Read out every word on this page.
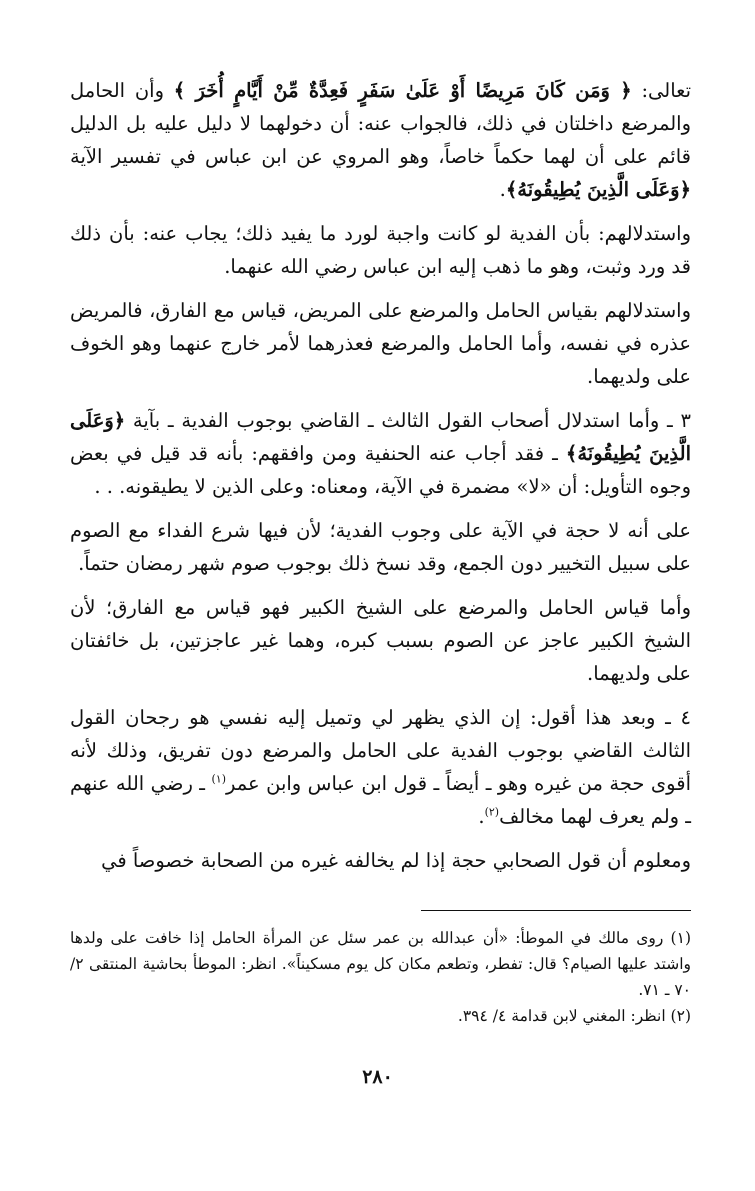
تعالى: ﴿ وَمَن كَانَ مَرِيضًا أَوْ عَلَىٰ سَفَرٍ فَعِدَّةٌ مِّنْ أَيَّامٍ أُخَرَ ﴾ وأن الحامل والمرضع داخلتان في ذلك، فالجواب عنه: أن دخولهما لا دليل عليه بل الدليل قائم على أن لهما حكماً خاصاً، وهو المروي عن ابن عباس في تفسير الآية ﴿وَعَلَى الَّذِينَ يُطِيقُونَهُ﴾.

واستدلالهم: بأن الفدية لو كانت واجبة لورد ما يفيد ذلك؛ يجاب عنه: بأن ذلك قد ورد وثبت، وهو ما ذهب إليه ابن عباس رضي الله عنهما.

واستدلالهم بقياس الحامل والمرضع على المريض، قياس مع الفارق، فالمريض عذره في نفسه، وأما الحامل والمرضع فعذرهما لأمر خارج عنهما وهو الخوف على ولديهما.

٣ ـ وأما استدلال أصحاب القول الثالث ـ القاضي بوجوب الفدية ـ بآية ﴿وَعَلَى الَّذِينَ يُطِيقُونَهُ﴾ ـ فقد أجاب عنه الحنفية ومن وافقهم: بأنه قد قيل في بعض وجوه التأويل: أن «لا» مضمرة في الآية، ومعناه: وعلى الذين لا يطيقونه. . .

على أنه لا حجة في الآية على وجوب الفدية؛ لأن فيها شرع الفداء مع الصوم على سبيل التخيير دون الجمع، وقد نسخ ذلك بوجوب صوم شهر رمضان حتماً.

وأما قياس الحامل والمرضع على الشيخ الكبير فهو قياس مع الفارق؛ لأن الشيخ الكبير عاجز عن الصوم بسبب كبره، وهما غير عاجزتين، بل خائفتان على ولديهما.

٤ ـ وبعد هذا أقول: إن الذي يظهر لي وتميل إليه نفسي هو رجحان القول الثالث القاضي بوجوب الفدية على الحامل والمرضع دون تفريق، وذلك لأنه أقوى حجة من غيره وهو ـ أيضاً ـ قول ابن عباس وابن عمر$^{(١)}$ ـ رضي الله عنهم ـ ولم يعرف لهما مخالف$^{(٢)}$.

ومعلوم أن قول الصحابي حجة إذا لم يخالفه غيره من الصحابة خصوصاً في

(١) روى مالك في الموطأ: «أن عبدالله بن عمر سئل عن المرأة الحامل إذا خافت على ولدها واشتد عليها الصيام؟ قال: تفطر، وتطعم مكان كل يوم مسكيناً». انظر: الموطأ بحاشية المنتقى ٢/ ٧٠ ـ ٧١.

(٢) انظر: المغني لابن قدامة ٤/ ٣٩٤.

٢٨٠
